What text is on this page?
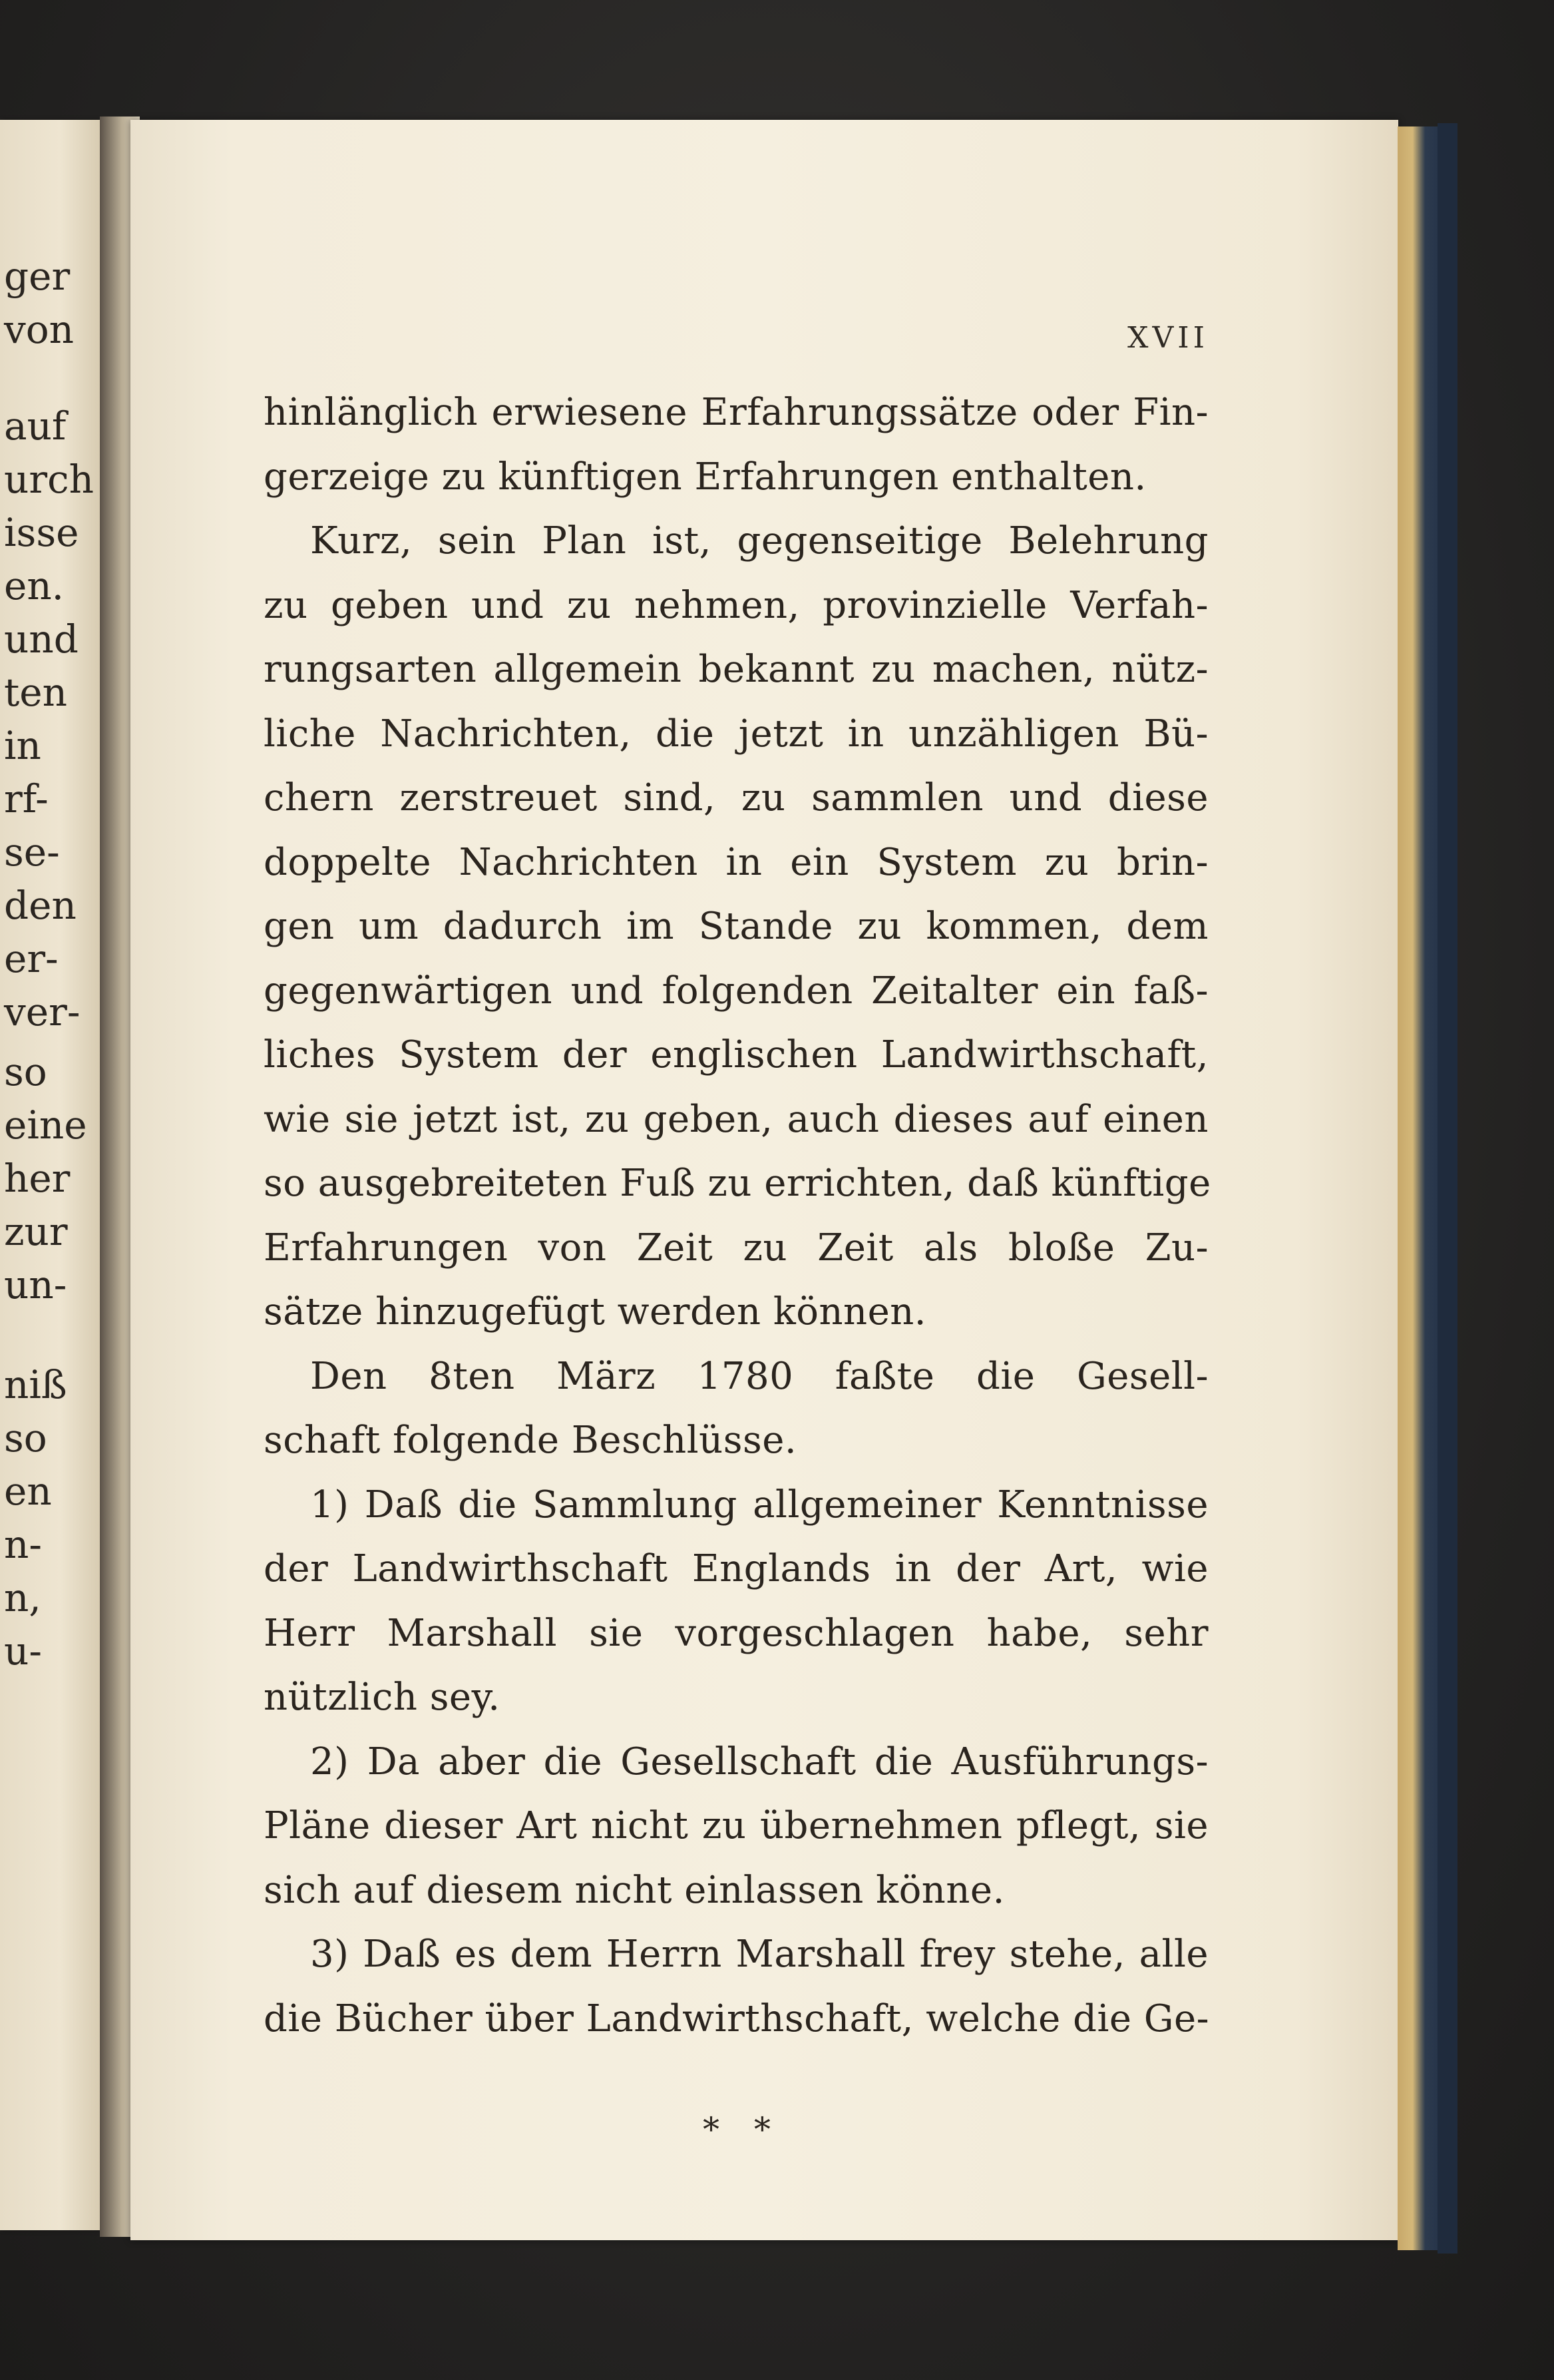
ger
von
auf
urch
isse
en.
und
ten
in
rf-
se-
den
er-
ver-
so
eine
her
zur
un-
niß
so
en
n-
n,
u-
XVII
hinlänglich erwiesene Erfahrungssätze oder Fin-
gerzeige zu künftigen Erfahrungen enthalten.
Kurz, sein Plan ist, gegenseitige Belehrung
zu geben und zu nehmen, provinzielle Verfah-
rungsarten allgemein bekannt zu machen, nütz-
liche Nachrichten, die jetzt in unzähligen Bü-
chern zerstreuet sind, zu sammlen und diese
doppelte Nachrichten in ein System zu brin-
gen um dadurch im Stande zu kommen, dem
gegenwärtigen und folgenden Zeitalter ein faß-
liches System der englischen Landwirthschaft,
wie sie jetzt ist, zu geben, auch dieses auf einen
so ausgebreiteten Fuß zu errichten, daß künftige
Erfahrungen von Zeit zu Zeit als bloße Zu-
sätze hinzugefügt werden können.
Den 8ten März 1780 faßte die Gesell-
schaft folgende Beschlüsse.
1) Daß die Sammlung allgemeiner Kenntnisse
der Landwirthschaft Englands in der Art, wie
Herr Marshall sie vorgeschlagen habe, sehr
nützlich sey.
2) Da aber die Gesellschaft die Ausführungs-
Pläne dieser Art nicht zu übernehmen pflegt, sie
sich auf diesem nicht einlassen könne.
3) Daß es dem Herrn Marshall frey stehe, alle
die Bücher über Landwirthschaft, welche die Ge-
* *
